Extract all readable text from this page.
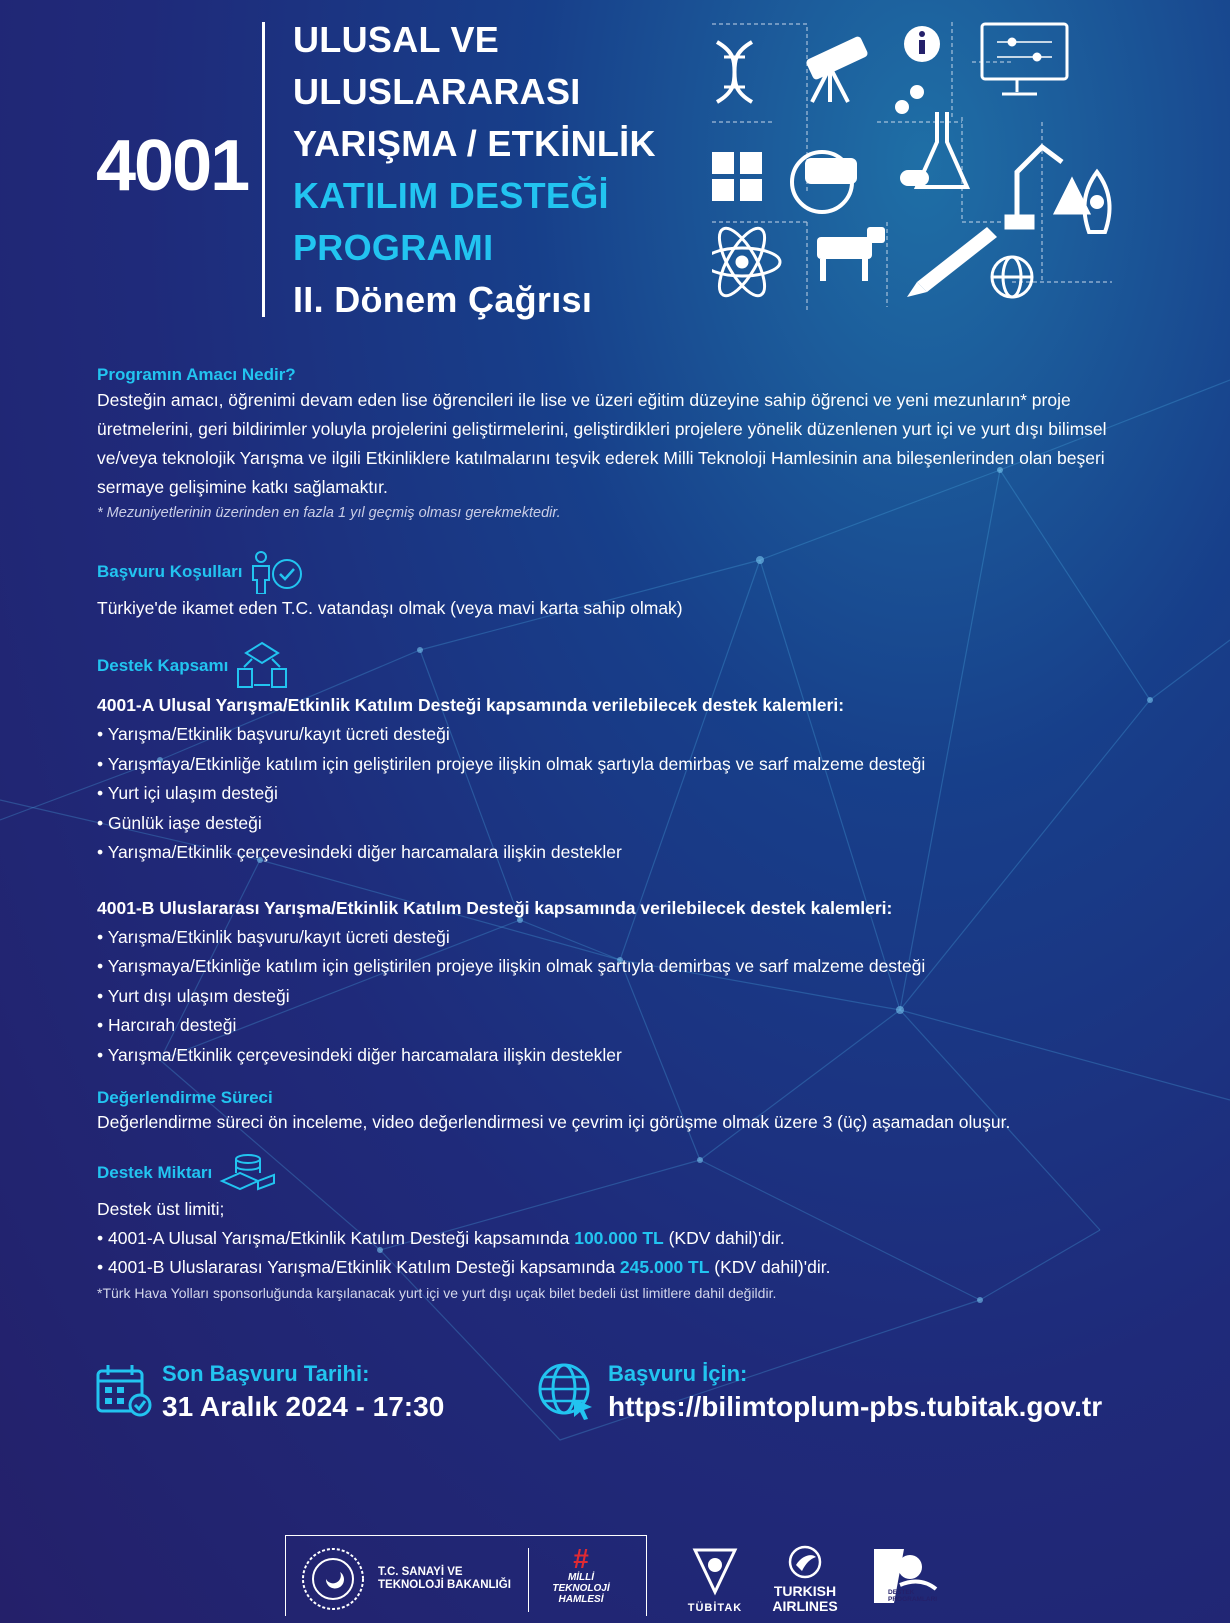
4001
ULUSAL VE
ULUSLARARASI
YARIŞMA / ETKİNLİK
KATILIM DESTEĞİ
PROGRAMI
II. Dönem Çağrısı
Programın Amacı Nedir?

Desteğin amacı, öğrenimi devam eden lise öğrencileri ile lise ve üzeri eğitim düzeyine sahip öğrenci ve yeni mezunların* proje üretmelerini, geri bildirimler yoluyla projelerini geliştirmelerini, geliştirdikleri projelere yönelik düzenlenen yurt içi ve yurt dışı bilimsel ve/veya teknolojik Yarışma ve ilgili Etkinliklere katılmalarını teşvik ederek Milli Teknoloji Hamlesinin ana bileşenlerinden olan beşeri sermaye gelişimine katkı sağlamaktır.

* Mezuniyetlerinin üzerinden en fazla 1 yıl geçmiş olması gerekmektedir.
Başvuru Koşulları

Türkiye'de ikamet eden T.C. vatandaşı olmak (veya mavi karta sahip olmak)

Destek Kapsamı
4001-A Ulusal Yarışma/Etkinlik Katılım Desteği kapsamında verilebilecek destek kalemleri:
• Yarışma/Etkinlik başvuru/kayıt ücreti desteği
• Yarışmaya/Etkinliğe katılım için geliştirilen projeye ilişkin olmak şartıyla demirbaş ve sarf malzeme desteği
• Yurt içi ulaşım desteği
• Günlük iaşe desteği
• Yarışma/Etkinlik çerçevesindeki diğer harcamalara ilişkin destekler
4001-B Uluslararası Yarışma/Etkinlik Katılım Desteği kapsamında verilebilecek destek kalemleri:
• Yarışma/Etkinlik başvuru/kayıt ücreti desteği
• Yarışmaya/Etkinliğe katılım için geliştirilen projeye ilişkin olmak şartıyla demirbaş ve sarf malzeme desteği
• Yurt dışı ulaşım desteği
• Harcırah desteği
• Yarışma/Etkinlik çerçevesindeki diğer harcamalara ilişkin destekler
Değerlendirme Süreci

Değerlendirme süreci ön inceleme, video değerlendirmesi ve çevrim içi görüşme olmak üzere 3 (üç) aşamadan oluşur.

Destek Miktarı
Destek üst limiti;
• 4001-A Ulusal Yarışma/Etkinlik Katılım Desteği kapsamında 100.000 TL (KDV dahil)'dir.
• 4001-B Uluslararası Yarışma/Etkinlik Katılım Desteği kapsamında 245.000 TL (KDV dahil)'dir.
*Türk Hava Yolları sponsorluğunda karşılanacak yurt içi ve yurt dışı uçak bilet bedeli üst limitlere dahil değildir.
Son Başvuru Tarihi:
31 Aralık 2024 - 17:30
Başvuru İçin:
https://bilimtoplum-pbs.tubitak.gov.tr
T.C. SANAYİ VE
TEKNOLOJİ BAKANLIĞI
#
MİLLİ
TEKNOLOJİ
HAMLESİ
TÜBİTAK
TURKISH
AIRLINES
DESTEK
PROGRAMLARI
